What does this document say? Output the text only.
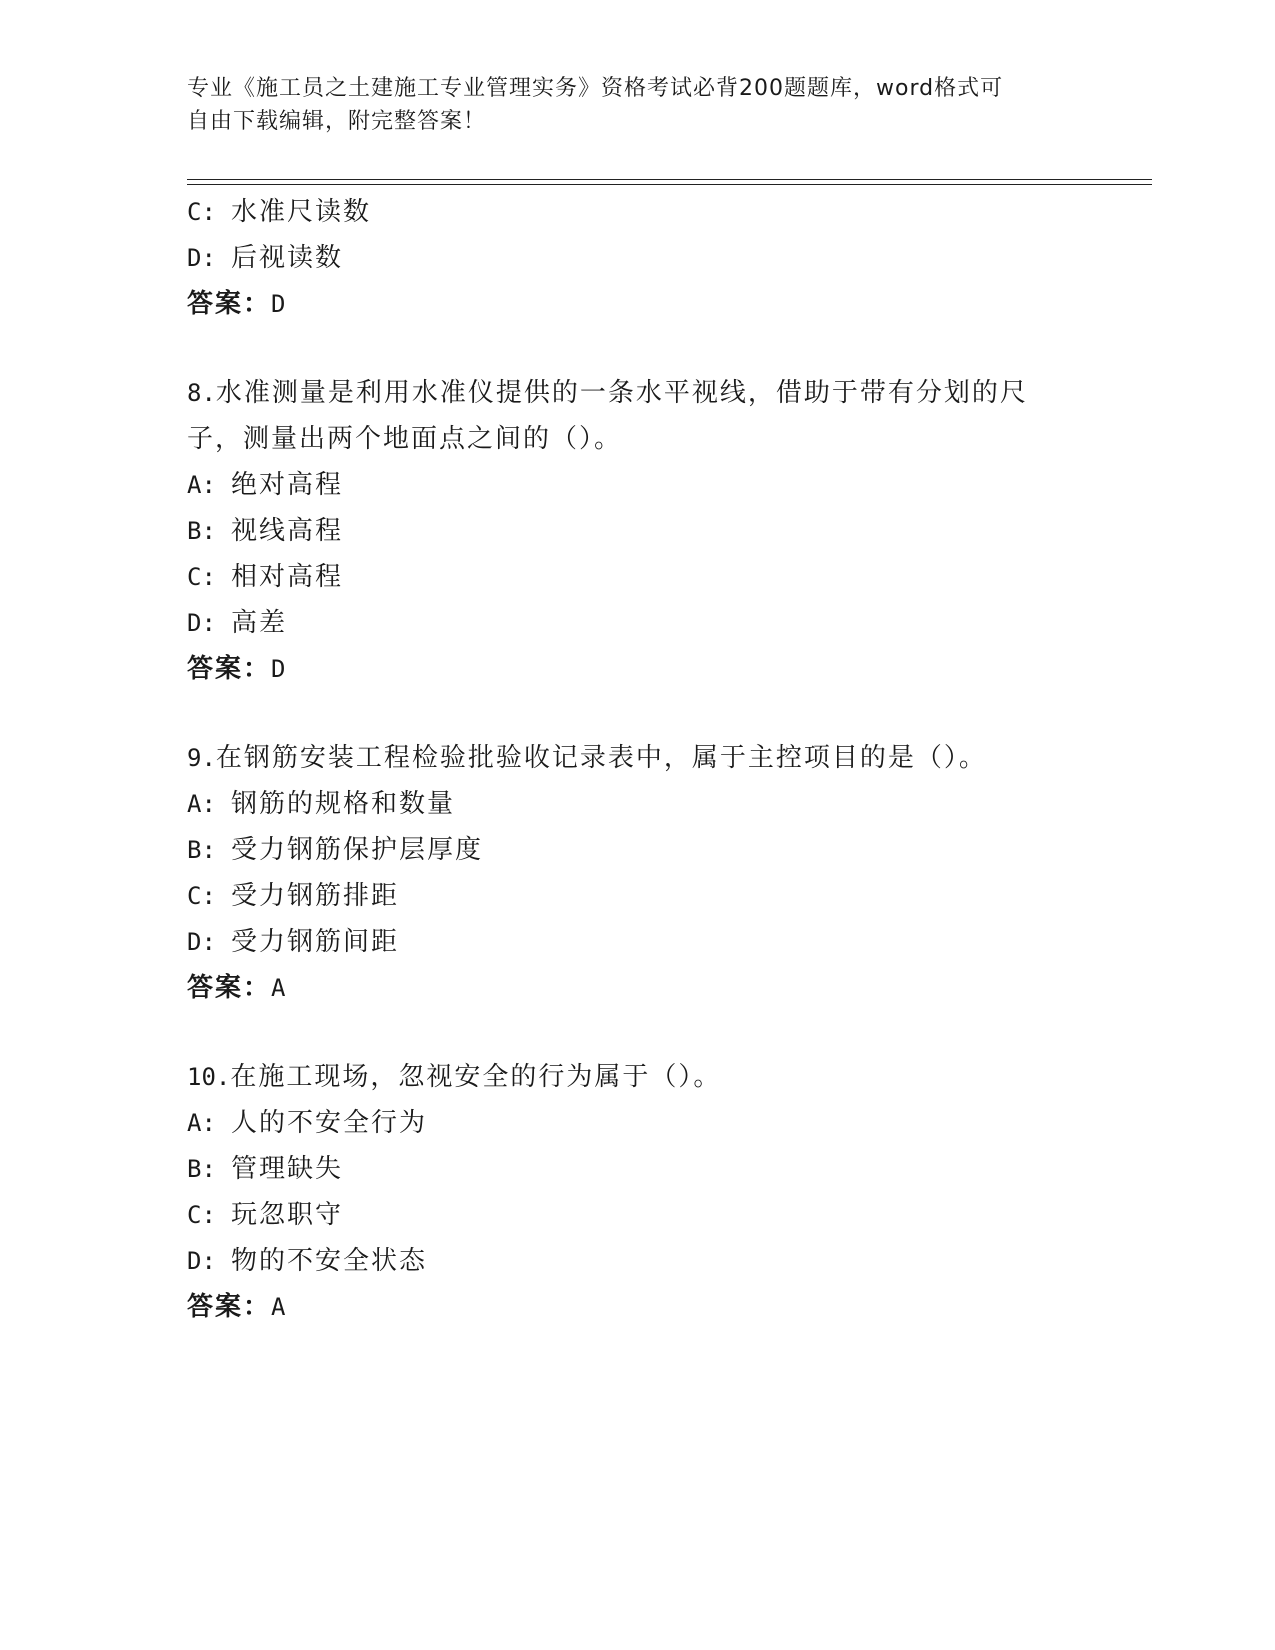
专业《施工员之土建施工专业管理实务》资格考试必背200题题库，word格式可
自由下载编辑，附完整答案！
C: 水准尺读数
D: 后视读数
答案：D
8.水准测量是利用水准仪提供的一条水平视线，借助于带有分划的尺
子，测量出两个地面点之间的（）。
A: 绝对高程
B: 视线高程
C: 相对高程
D: 高差
答案：D
9.在钢筋安装工程检验批验收记录表中，属于主控项目的是（）。
A: 钢筋的规格和数量
B: 受力钢筋保护层厚度
C: 受力钢筋排距
D: 受力钢筋间距
答案：A
10.在施工现场，忽视安全的行为属于（）。
A: 人的不安全行为
B: 管理缺失
C: 玩忽职守
D: 物的不安全状态
答案：A
